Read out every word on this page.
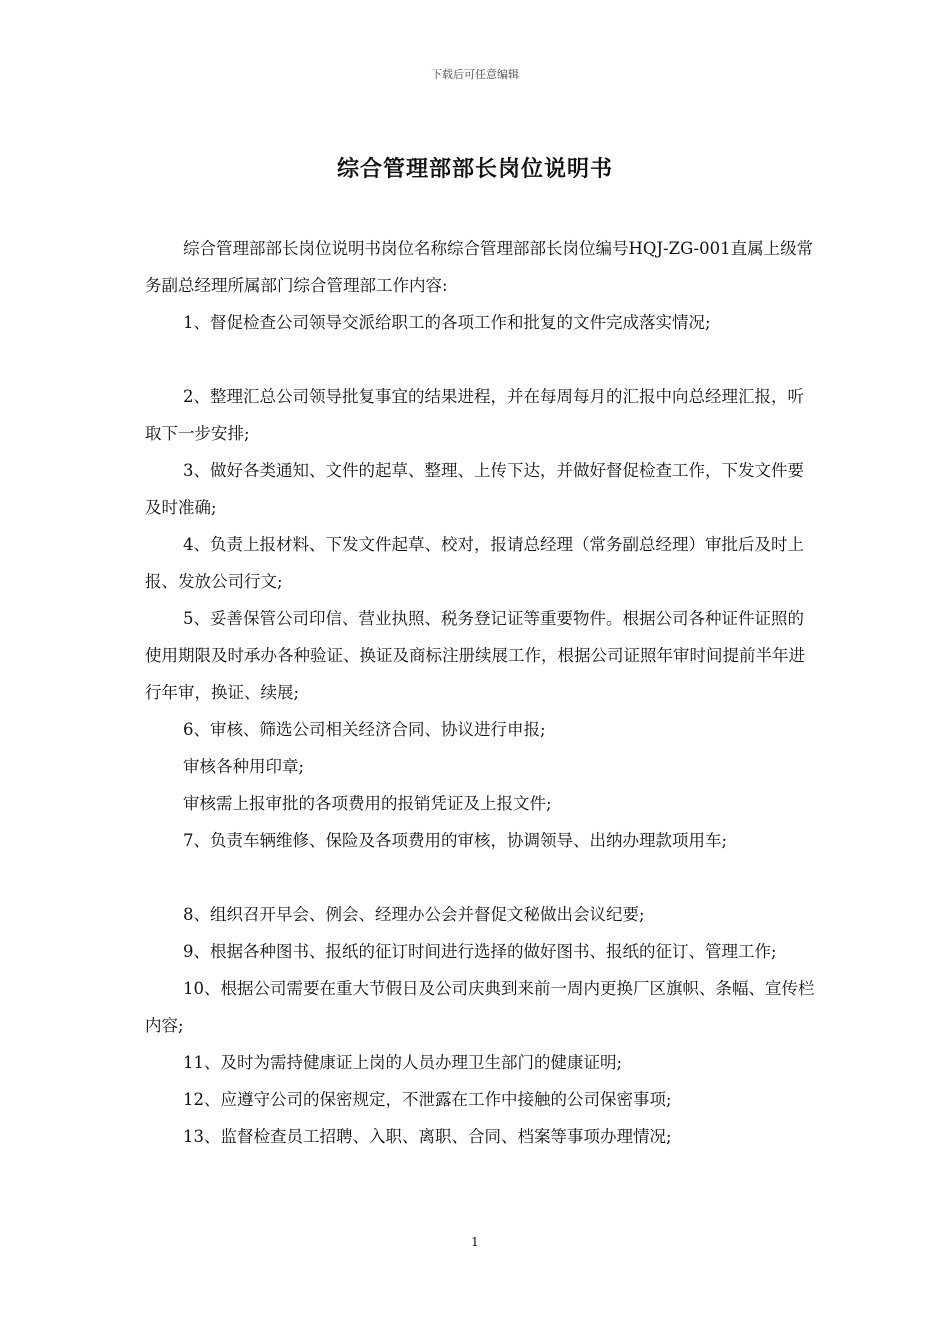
下载后可任意编辑
综合管理部部长岗位说明书

综合管理部部长岗位说明书岗位名称综合管理部部长岗位编号HQJ-ZG-001直属上级常务副总经理所属部门综合管理部工作内容:

1、督促检查公司领导交派给职工的各项工作和批复的文件完成落实情况;

2、整理汇总公司领导批复事宜的结果进程，并在每周每月的汇报中向总经理汇报，听取下一步安排;

3、做好各类通知、文件的起草、整理、上传下达，并做好督促检查工作，下发文件要及时准确;

4、负责上报材料、下发文件起草、校对，报请总经理（常务副总经理）审批后及时上报、发放公司行文;

5、妥善保管公司印信、营业执照、税务登记证等重要物件。根据公司各种证件证照的使用期限及时承办各种验证、换证及商标注册续展工作，根据公司证照年审时间提前半年进行年审，换证、续展;

6、审核、筛选公司相关经济合同、协议进行申报;

审核各种用印章;

审核需上报审批的各项费用的报销凭证及上报文件;

7、负责车辆维修、保险及各项费用的审核，协调领导、出纳办理款项用车;

8、组织召开早会、例会、经理办公会并督促文秘做出会议纪要;

9、根据各种图书、报纸的征订时间进行选择的做好图书、报纸的征订、管理工作;

10、根据公司需要在重大节假日及公司庆典到来前一周内更换厂区旗帜、条幅、宣传栏内容;

11、及时为需持健康证上岗的人员办理卫生部门的健康证明;

12、应遵守公司的保密规定，不泄露在工作中接触的公司保密事项;

13、监督检查员工招聘、入职、离职、合同、档案等事项办理情况;

1
